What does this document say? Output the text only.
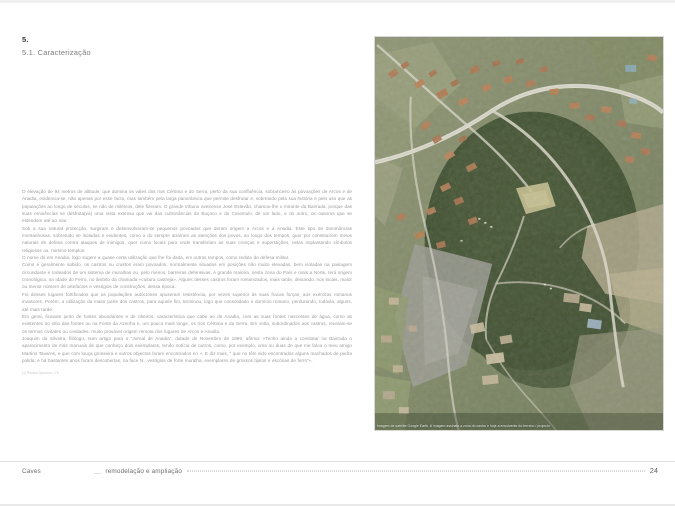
5.
5.1. Caracterização

O elevação de 94 metros de altitude, que domina os vales dos rios Cértima e do Serra, perto da sua confluência, sobranceiro às povoações de Arcos e de Anadia, evidencia-se, não apenas por esse facto, mas também pela larga panorâmica que permite desfrutar e, sobretudo pela sua história e pelo uso que as populações ao longo de séculos, se não de milénios, dele fizeram. O grande tribuno aveirense José Estevão, chamou-lhe o mirante da Bairrada, porque das suas eminências se desfruta(va) uma vista extensa que vai das culminâncias do Buçaco e do Caramulo, de um lado, e do outro, os outeiros que se estendem até ao mar.

Sob a sua natural protecção, surgiram e desenvolveram-se pequenos povoados que deram origem a Arcos e a Anadia. Este tipo de dominâncias montanhosas, sobretudo se isoladas e evidentes, como a do sempre atraíram as atenções dos povos, ao longo dos tempos, quer por constituírem meios naturais de defesa contra ataques de inimigos, quer como locais para onde transferiam as suas crenças e superstições, nelas implantando símbolos religiosos ou, mesmo templos.

O nome do em Anadia, logo sugere a quase certa utilização que lhe foi dada, em outros tempos, como reduto de defesa militar.

Como é geralmente sabido, os castros ou crastos eram povoados, normalmente situados em posições não muito elevadas, bem isoladas na paisagem circundante e rodeados de um sistema de muralhas ou, pelo menos, barreiras defensivas. A grande maioria, nesta zona do País e mais a Norte, terá origem cronológica, na Idade do Ferro, no âmbito da chamada «cultura castreja». Alguns desses castros foram romanizados, mais tarde, deixando, nos locais, maior ou menor número de artefactos e vestígios de construções, dessa época.

Foi desses lugares fortificados que as populações autóctones opuseram resistência, por vezes superior às suas fracas forças, aos exércitos romanos invasores. Porém, a utilização da maior parte dos castros, para aquele fim, terminou, logo que consolidado o domínio romano, perdurando, todavia, alguns, até mais tarde.

Em geral, ficavam junto de fontes abundantes e de ribeiros, característica que cabe ao de Anadia, com as suas fontes nascentes de água, como as existentes no sítio das fontes ou na Fonte da Azenha e, um pouco mais longe, os rios Cértima e da Serra. Em volta, subordinados aos castros, reuniam-se os termos civitates ou cividades: muito provável origem remota dos lugares de Arcos e Anadia.

Joaquim da Silveira, filólogo, num artigo para o "Jornal de Anadia", datado de Novembro de 1899, afirma: «Tenho ainda a constatar na Bairrada o aparecimento de mós manuais de que conheço dois exemplares, tendo notícia de outros, como, por exemplo, uma ou duas de que me falou o meu amigo Martins Tavares, e que com louça grosseira e outros objectos foram encontrados no ». E diz mais, " que no têm sido encontrados alguns machados de pedra polida; e há bastantes anos foram descobertas, na face N., vestígios de forte muralha, exemplares de grossos tijolos e escórias de ferro"».

(1) Revista Açoriana, n°6
Imagem de satélite Google Earth. A imagem assinala a zona do castro e hoje a envolvente do terreno / projecto
Caves	__ remodelação e ampliação	24
